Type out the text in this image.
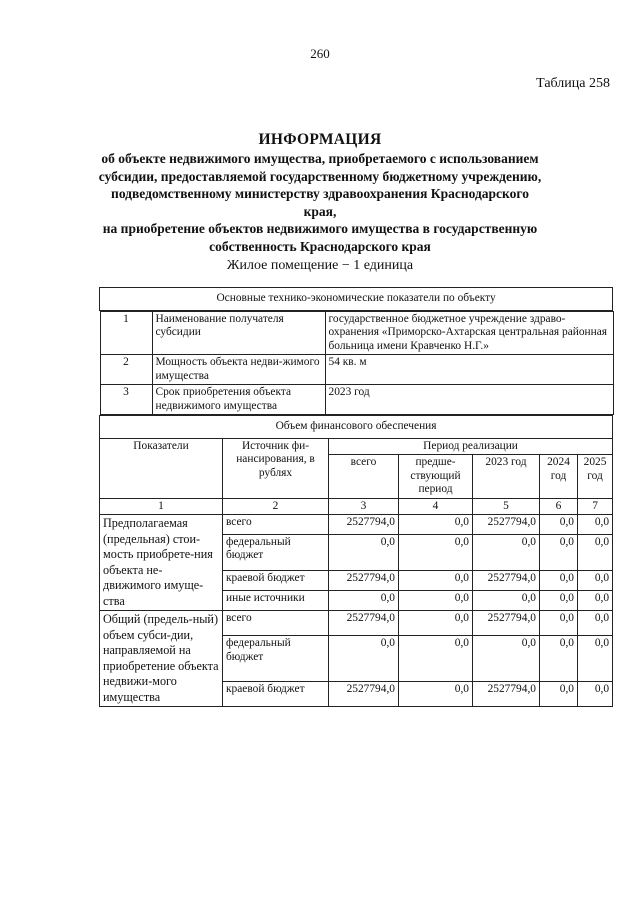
260
Таблица 258
ИНФОРМАЦИЯ
об объекте недвижимого имущества, приобретаемого с использованием
субсидии, предоставляемой государственному бюджетному учреждению,
подведомственному министерству здравоохранения Краснодарского края,
на приобретение объектов недвижимого имущества в государственную
собственность Краснодарского края
Жилое помещение − 1 единица
Основные технико-экономические показатели по объекту

1	Наименование получателя субсидии	государственное бюджетное учреждение здраво-охранения «Приморско-Ахтарская центральная районная больница имени Кравченко Н.Г.»
2	Мощность объекта недви-жимого имущества	54 кв. м
3	Срок приобретения объекта недвижимого имущества	2023 год

Объем финансового обеспечения
Показатели	Источник фи-нансирования, в рублях	Период реализации
всего	предше-ствующий период	2023 год	2024 год	2025 год
1	2	3	4	5	6	7
Предполагаемая (предельная) стои-мость приобрете-ния объекта не-движимого имуще-ства	всего	2527794,0	0,0	2527794,0	0,0	0,0
федеральный бюджет	0,0	0,0	0,0	0,0	0,0
краевой бюджет	2527794,0	0,0	2527794,0	0,0	0,0
иные источники	0,0	0,0	0,0	0,0	0,0
Общий (предель-ный) объем субси-дии, направляемой на приобретение объекта недвижи-мого имущества	всего	2527794,0	0,0	2527794,0	0,0	0,0
федеральный бюджет	0,0	0,0	0,0	0,0	0,0
краевой бюджет	2527794,0	0,0	2527794,0	0,0	0,0
